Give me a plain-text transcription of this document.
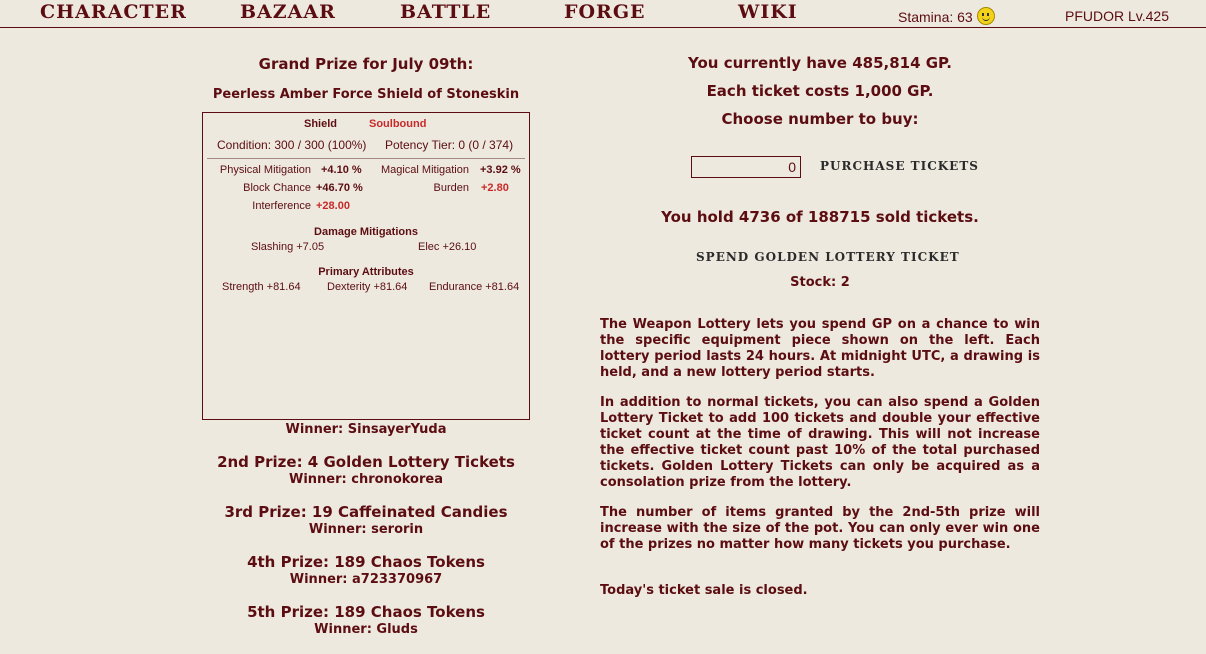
CHARACTER	BAZAAR	BATTLE	FORGE	WIKI	Stamina: 63	PFUDOR Lv.425
Grand Prize for July 09th:
Peerless Amber Force Shield of Stoneskin
Shield	Soulbound
Condition: 300 / 300 (100%) Potency Tier: 0 (0 / 374)
Physical Mitigation +4.10 % Magical Mitigation +3.92 %
Block Chance +46.70 %	Burden +2.80
Interference +28.00
Damage Mitigations
Slashing +7.05	Elec +26.10
Primary Attributes
Strength +81.64 Dexterity +81.64 Endurance +81.64
Winner: SinsayerYuda
2nd Prize: 4 Golden Lottery Tickets
Winner: chronokorea
3rd Prize: 19 Caffeinated Candies
Winner: serorin
4th Prize: 189 Chaos Tokens
Winner: a723370967
5th Prize: 189 Chaos Tokens
Winner: Gluds
You currently have 485,814 GP.
Each ticket costs 1,000 GP.
Choose number to buy:
0
PURCHASE TICKETS
You hold 4736 of 188715 sold tickets.
SPEND GOLDEN LOTTERY TICKET
Stock: 2

The Weapon Lottery lets you spend GP on a chance to win the specific equipment piece shown on the left. Each lottery period lasts 24 hours. At midnight UTC, a drawing is held, and a new lottery period starts.

In addition to normal tickets, you can also spend a Golden Lottery Ticket to add 100 tickets and double your effective ticket count at the time of drawing. This will not increase the effective ticket count past 10% of the total purchased tickets. Golden Lottery Tickets can only be acquired as a consolation prize from the lottery.

The number of items granted by the 2nd-5th prize will increase with the size of the pot. You can only ever win one of the prizes no matter how many tickets you purchase.

Today's ticket sale is closed.
